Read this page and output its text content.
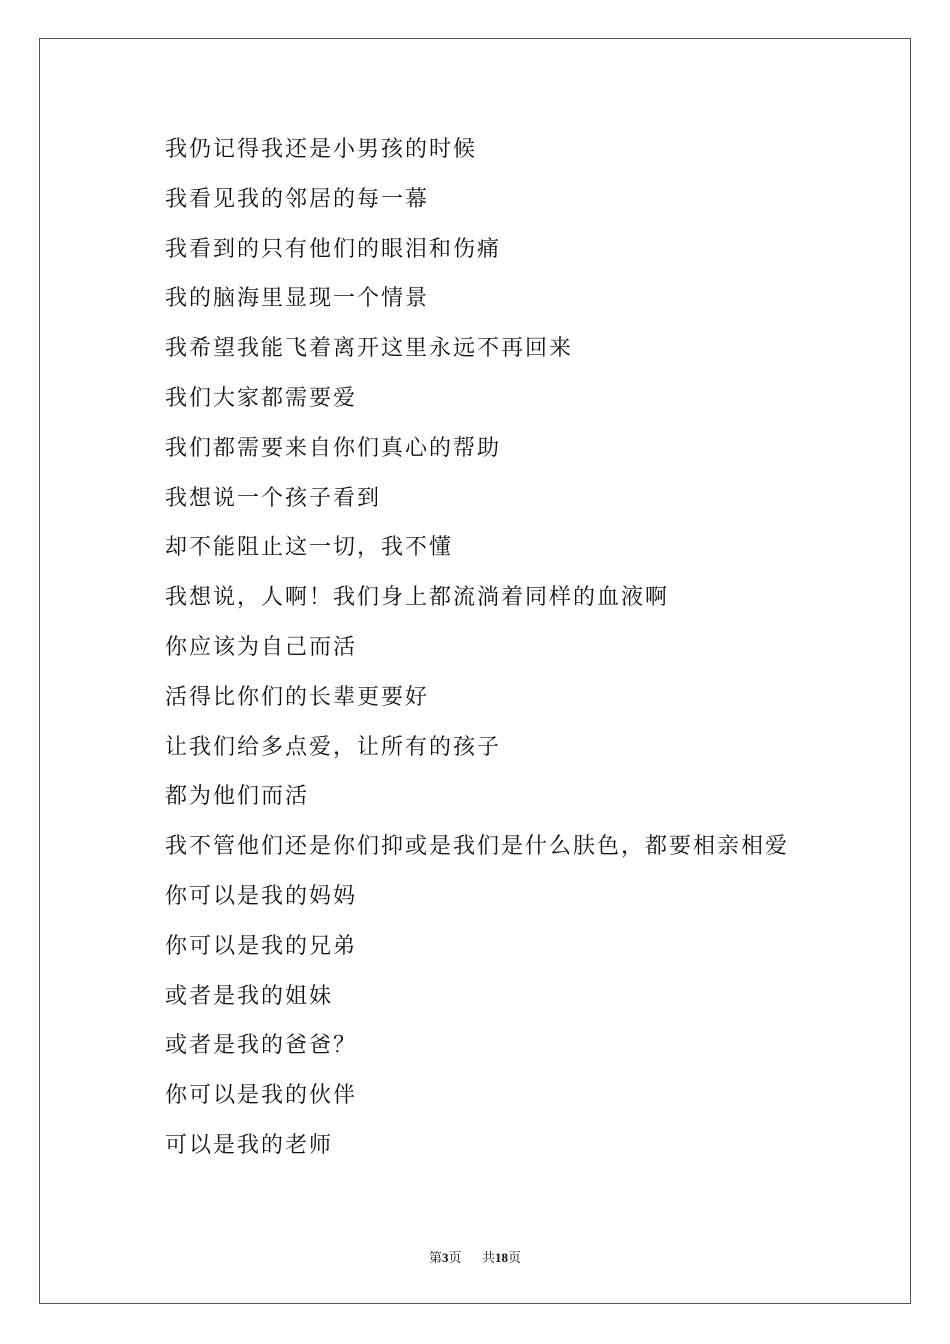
我仍记得我还是小男孩的时候
我看见我的邻居的每一幕
我看到的只有他们的眼泪和伤痛
我的脑海里显现一个情景
我希望我能飞着离开这里永远不再回来
我们大家都需要爱
我们都需要来自你们真心的帮助
我想说一个孩子看到
却不能阻止这一切，我不懂
我想说，人啊！我们身上都流淌着同样的血液啊
你应该为自己而活
活得比你们的长辈更要好
让我们给多点爱，让所有的孩子
都为他们而活
我不管他们还是你们抑或是我们是什么肤色，都要相亲相爱
你可以是我的妈妈
你可以是我的兄弟
或者是我的姐妹
或者是我的爸爸？
你可以是我的伙伴
可以是我的老师
第3页 共18页
